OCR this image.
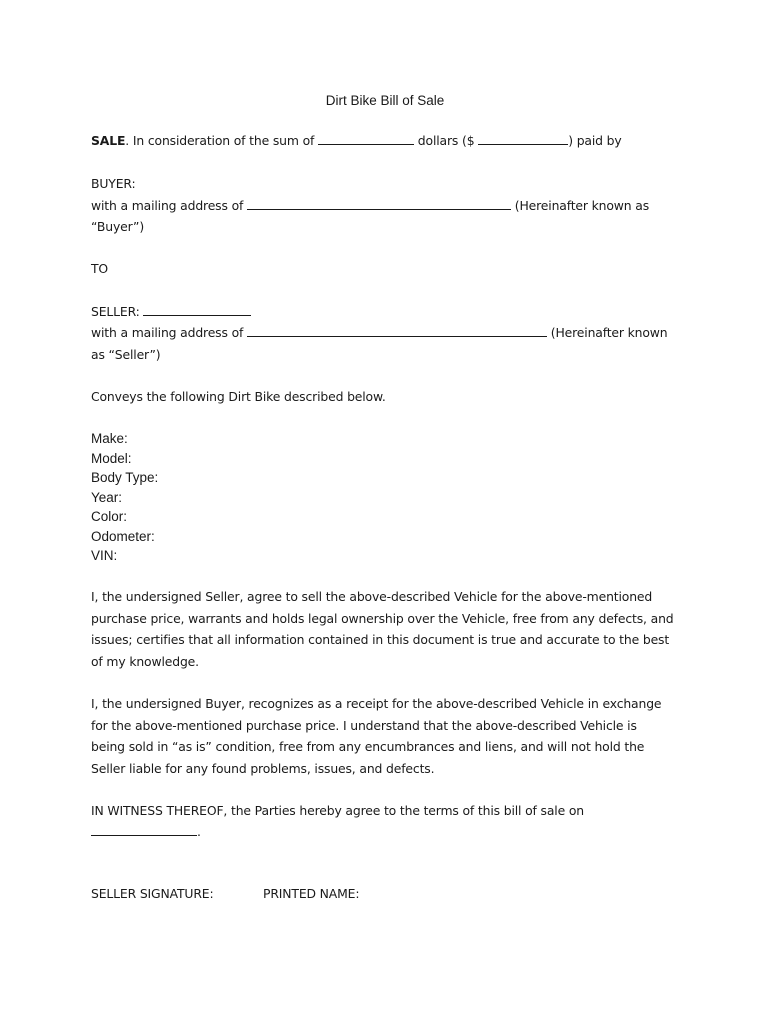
Dirt Bike Bill of Sale
SALE. In consideration of the sum of	dollars ($	) paid by
BUYER:
with a mailing address of	(Hereinafter known as
“Buyer”)
TO
SELLER:
with a mailing address of	(Hereinafter known
as “Seller”)
Conveys the following Dirt Bike described below.
Make:
Model:
Body Type:
Year:
Color:
Odometer:
VIN:
I, the undersigned Seller, agree to sell the above-described Vehicle for the above-mentioned
purchase price, warrants and holds legal ownership over the Vehicle, free from any defects, and
issues; certifies that all information contained in this document is true and accurate to the best
of my knowledge.
I, the undersigned Buyer, recognizes as a receipt for the above-described Vehicle in exchange
for the above-mentioned purchase price. I understand that the above-described Vehicle is
being sold in “as is” condition, free from any encumbrances and liens, and will not hold the
Seller liable for any found problems, issues, and defects.
IN WITNESS THEREOF, the Parties hereby agree to the terms of this bill of sale on
.
SELLER SIGNATURE:	PRINTED NAME:
